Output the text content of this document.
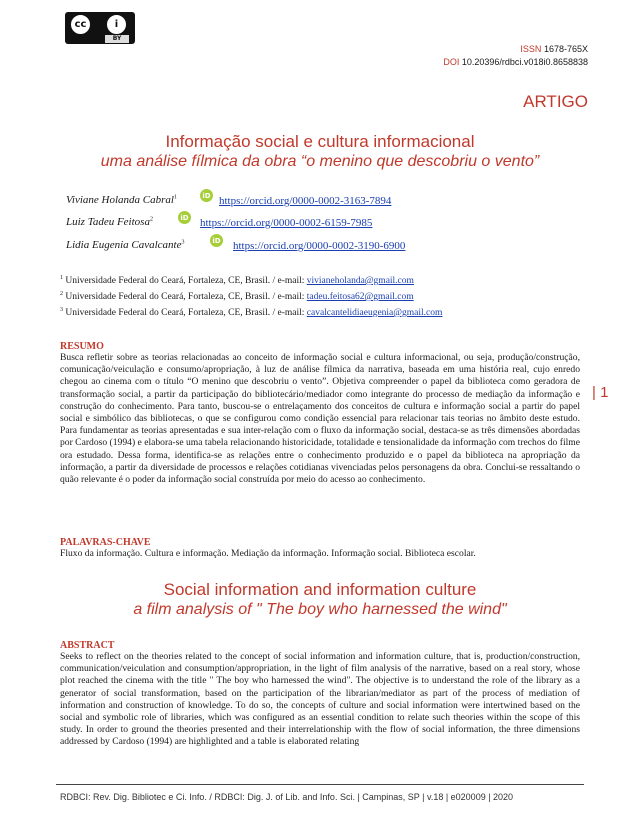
cc	i
BY
ISSN 1678-765X
DOI 10.20396/rdbci.v018i0.8658838
ARTIGO
Informação social e cultura informacional
uma análise fílmica da obra “o menino que descobriu o vento”
Viviane Holanda Cabral$^1$	iD https://orcid.org/0000-0002-3163-7894
Luiz Tadeu Feitosa$^2$	iD https://orcid.org/0000-0002-6159-7985
Lidia Eugenia Cavalcante$^3$	iD https://orcid.org/0000-0002-3190-6900
$^1$ Universidade Federal do Ceará, Fortaleza, CE, Brasil. / e-mail: vivianeholanda@gmail.com
$^2$ Universidade Federal do Ceará, Fortaleza, CE, Brasil. / e-mail: tadeu.feitosa62@gmail.com
$^3$ Universidade Federal do Ceará, Fortaleza, CE, Brasil. / e-mail: cavalcantelidiaeugenia@gmail.com
RESUMO
Busca refletir sobre as teorias relacionadas ao conceito de informação social e cultura informacional, ou seja, produção/construção, comunicação/veiculação e consumo/apropriação, à luz de análise fílmica da narrativa, baseada em uma história real, cujo enredo chegou ao cinema com o título “O menino que descobriu o vento”. Objetiva compreender o papel da biblioteca como geradora de transformação social, a partir da participação do bibliotecário/mediador como integrante do processo de mediação da informação e construção do conhecimento. Para tanto, buscou-se o entrelaçamento dos conceitos de cultura e informação social a partir do papel social e simbólico das bibliotecas, o que se configurou como condição essencial para relacionar tais teorias no âmbito deste estudo. Para fundamentar as teorias apresentadas e sua inter-relação com o fluxo da informação social, destaca-se as três dimensões abordadas por Cardoso (1994) e elabora-se uma tabela relacionando historicidade, totalidade e tensionalidade da informação com trechos do filme ora estudado. Dessa forma, identifica-se as relações entre o conhecimento produzido e o papel da biblioteca na apropriação da informação, a partir da diversidade de processos e relações cotidianas vivenciadas pelos personagens da obra. Conclui-se ressaltando o quão relevante é o poder da informação social construída por meio do acesso ao conhecimento.
| 1
PALAVRAS-CHAVE
Fluxo da informação. Cultura e informação. Mediação da informação. Informação social. Biblioteca escolar.
Social information and information culture
a film analysis of " The boy who harnessed the wind"
ABSTRACT
Seeks to reflect on the theories related to the concept of social information and information culture, that is, production/construction, communication/veiculation and consumption/appropriation, in the light of film analysis of the narrative, based on a real story, whose plot reached the cinema with the title " The boy who harnessed the wind". The objective is to understand the role of the library as a generator of social transformation, based on the participation of the librarian/mediator as part of the process of mediation of information and construction of knowledge. To do so, the concepts of culture and social information were intertwined based on the social and symbolic role of libraries, which was configured as an essential condition to relate such theories within the scope of this study. In order to ground the theories presented and their interrelationship with the flow of social information, the three dimensions addressed by Cardoso (1994) are highlighted and a table is elaborated relating
RDBCI: Rev. Dig. Bibliotec e Ci. Info. / RDBCI: Dig. J. of Lib. and Info. Sci. | Campinas, SP | v.18 | e020009 | 2020
